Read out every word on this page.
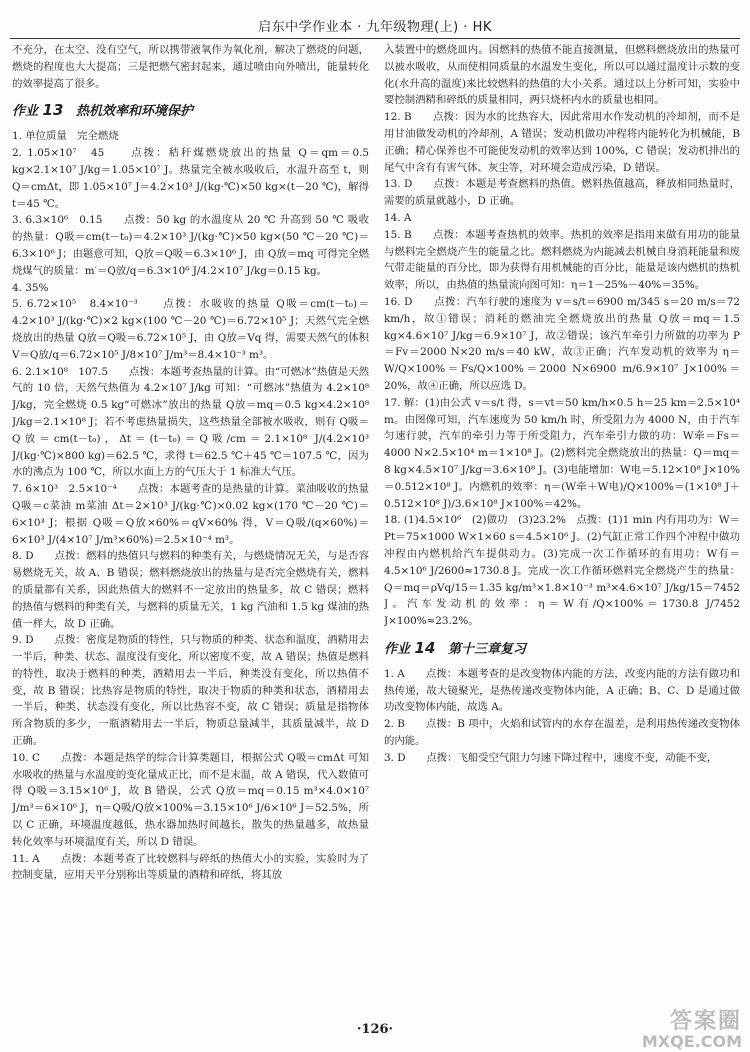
启东中学作业本 · 九年级物理(上) · HK

不充分，在太空、没有空气，所以携带液氧作为氧化剂，解决了燃烧的问题，燃烧的程度也大大提高；三是把燃气密封起来，通过喷由向外喷出，能量转化的效率提高了很多。

作业 13 热机效率和环境保护

1. 单位质量　完全燃烧

2. 1.05×10⁷　45　　点拨：秸秆煤燃烧放出的热量 Q＝qm＝0.5 kg×2.1×10⁷ J/kg＝1.05×10⁷ J。热量完全被水吸收后，水温升高至 t，则 Q＝cmΔt，即 1.05×10⁷ J＝4.2×10³ J/(kg·℃)×50 kg×(t－20 ℃)，解得 t＝45 ℃。

3. 6.3×10⁶　0.15　　点拨：50 kg 的水温度从 20 ℃ 升高到 50 ℃ 吸收的热量：Q吸＝cm(t－t₀)＝4.2×10³ J/(kg·℃)×50 kg×(50 ℃－20 ℃)＝6.3×10⁶ J；由题意可知，Q放＝Q吸＝6.3×10⁶ J，由 Q放＝mq 可得完全燃烧煤气的质量：m′＝Q放/q＝6.3×10⁶ J/4.2×10⁷ J/kg＝0.15 kg。

4. 35%

5. 6.72×10⁵　8.4×10⁻³　　点拨：水吸收的热量 Q吸＝cm(t－t₀)＝4.2×10³ J/(kg·℃)×2 kg×(100 ℃－20 ℃)＝6.72×10⁵ J；天然气完全燃烧放出的热量 Q放＝Q吸＝6.72×10⁵ J，由 Q放＝Vq 得，需要天然气的体积 V＝Q放/q＝6.72×10⁵ J/8×10⁷ J/m³＝8.4×10⁻³ m³。

6. 2.1×10⁸　107.5　　点拨：本题考查热量的计算。由“可燃冰”热值是天然气的 10 倍，天然气热值为 4.2×10⁷ J/kg 可知：“可燃冰”热值为 4.2×10⁸ J/kg，完全燃烧 0.5 kg“可燃冰”放出的热量 Q放＝mq＝0.5 kg×4.2×10⁸ J/kg＝2.1×10⁸ J；若不考虑热量损失，这些热量全部被水吸收，则有 Q吸＝Q放＝cm(t－t₀)，Δt＝(t－t₀)＝Q吸/cm＝2.1×10⁸ J/(4.2×10³ J/(kg·℃)×800 kg)＝62.5 ℃，求得 t＝62.5 ℃＋45 ℃＝107.5 ℃，因为水的沸点为 100 ℃，所以水面上方的气压大于 1 标准大气压。

7. 6×10³　2.5×10⁻⁴　　点拨：本题考查的是热量的计算。菜油吸收的热量 Q吸＝c菜油 m菜油 Δt＝2×10³ J/(kg·℃)×0.02 kg×(170 ℃－20 ℃)＝6×10³ J；根据 Q吸＝Q放×60%＝qV×60% 得，V＝Q吸/(q×60%)＝6×10³ J/(4×10⁷ J/m³×60%)＝2.5×10⁻⁴ m³。

8. D　　点拨：燃料的热值只与燃料的种类有关，与燃烧情况无关，与是否容易燃烧无关，故 A、B 错误；燃料燃烧放出的热量与是否完全燃烧有关，燃料的质量都有关系，因此热值大的燃料不一定放出的热量多，故 C 错误；燃料的热值与燃料的种类有关，与燃料的质量无关，1 kg 汽油和 1.5 kg 煤油的热值一样大，故 D 正确。

9. D　　点拨：密度是物质的特性，只与物质的种类、状态和温度，酒精用去一半后，种类、状态、温度没有变化，所以密度不变，故 A 错误；热值是燃料的特性，取决于燃料的种类，酒精用去一半后，种类没有变化，所以热值不变，故 B 错误；比热容是物质的特性，取决于物质的种类和状态，酒精用去一半后，种类、状态没有变化，所以比热容不变，故 C 错误；质量是指物体所含物质的多少，一瓶酒精用去一半后，物质总量减半，其质量减半，故 D 正确。

10. C　　点拨：本题是热学的综合计算类题目，根据公式 Q吸＝cmΔt 可知水吸收的热量与水温度的变化量成正比，而不是末温，故 A 错误，代入数值可得 Q吸＝3.15×10⁶ J，故 B 错误，公式 Q放＝mq＝0.15 m³×4.0×10⁷ J/m³＝6×10⁶ J，η＝Q吸/Q放×100%＝3.15×10⁶ J/6×10⁶ J＝52.5%，所以 C 正确，环境温度越低，热水器加热时间越长，散失的热量越多，故热量转化效率与环境温度有关，所以 D 错误。

11. A　　点拨：本题考查了比较燃料与碎纸的热值大小的实验，实验时为了控制变量，应用天平分别称出等质量的酒精和碎纸，将其放

入装置中的燃烧皿内。因燃料的热值不能直接测量，但燃料燃烧放出的热量可以被水吸收，从而使相同质量的水温发生变化，所以可以通过温度计示数的变化(水升高的温度)来比较燃料的热值的大小关系。通过以上分析可知，实验中要控制酒精和碎纸的质量相同，两只烧杯内水的质量也相同。

12. B　　点拨：因为水的比热容大，因此常用水作发动机的冷却剂，而不是用甘油做发动机的冷却剂，A 错误；发动机做功冲程将内能转化为机械能，B 正确；精心保养也不可能使发动机的效率达到 100%，C 错误；发动机排出的尾气中含有有害气体、灰尘等，对环境会造成污染，D 错误。

13. D　　点拨：本题是考查燃料的热值。燃料热值越高，释放相同热量时，需要的质量就越小，D 正确。

14. A

15. B　　点拨：本题考查热机的效率。热机的效率是指用来做有用功的能量与燃料完全燃烧产生的能量之比。燃料燃烧为内能减去机械自身消耗能量和废气带走能量的百分比，即为获得有用机械能的百分比，能量是该内燃机的热机效率，所以，由热值的热量流向图可知：η＝1－25%－40%＝35%。

16. D　　点拨：汽车行驶的速度为 v＝s/t＝6900 m/345 s＝20 m/s＝72 km/h，故①错误；消耗的燃油完全燃烧放出的热量 Q放＝mq＝1.5 kg×4.6×10⁷ J/kg＝6.9×10⁷ J，故②错误；该汽车牵引力所做的功率为 P＝Fv＝2000 N×20 m/s＝40 kW，故③正确；汽车发动机的效率为 η＝W/Q×100%＝Fs/Q×100%＝2000 N×6900 m/6.9×10⁷ J×100%＝20%，故④正确，所以应选 D。

17. 解：(1)由公式 v＝s/t 得，s＝vt＝50 km/h×0.5 h＝25 km＝2.5×10⁴ m。由图像可知，汽车速度为 50 km/h 时，所受阻力为 4000 N，由于汽车匀速行驶，汽车的牵引力等于所受阻力，汽车牵引力做的功：W牵＝Fs＝4000 N×2.5×10⁴ m＝1×10⁸ J。(2)燃料完全燃烧放出的热量：Q＝mq＝8 kg×4.5×10⁷ J/kg＝3.6×10⁸ J。(3)电能增加：W电＝5.12×10⁸ J×10%＝0.512×10⁸ J。内燃机的效率：η＝(W牵＋W电)/Q×100%＝(1×10⁸ J＋0.512×10⁸ J)/3.6×10⁸ J×100%＝42%。

18. (1)4.5×10⁶　(2)做功　(3)23.2%　点拨：(1)1 min 内有用功为：W＝Pt＝75×1000 W×1×60 s＝4.5×10⁶ J。(2)气缸正常工作四个冲程中做功冲程由内燃机给汽车提供动力。(3)完成一次工作循环的有用功：W有＝4.5×10⁶ J/2600≈1730.8 J。完成一次工作循环燃料完全燃烧产生的热量：Q＝mq＝ρVq/15＝1.35 kg/m³×1.8×10⁻³ m³×4.6×10⁷ J/kg/15＝7452 J。汽车发动机的效率：η＝W有/Q×100%＝1730.8 J/7452 J×100%≈23.2%。

作业 14 第十三章复习

1. A　　点拨：本题考查的是改变物体内能的方法，改变内能的方法有做功和热传递，故大镜聚光，是热传递改变物体内能，A 正确；B、C、D 是通过做功改变物体内能，故选 A。

2. B　　点拨：B 项中，火焰和试管内的水存在温差，是利用热传递改变物体的内能。

3. D　　点拨：飞船受空气阻力匀速下降过程中，速度不变，动能不变，

·126·	答案圈
MXQE.COM
